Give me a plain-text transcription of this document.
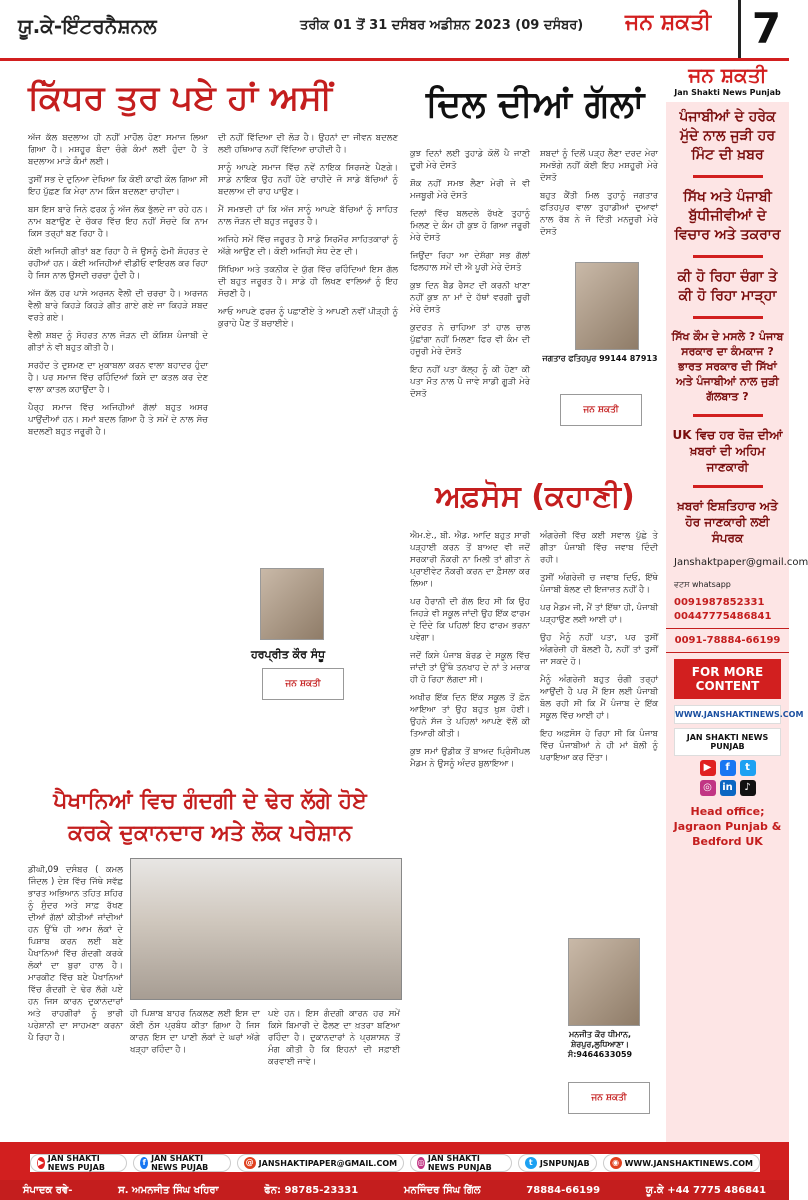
ਯੂ.ਕੇ-ਇੰਟਰਨੈਸ਼ਨਲ	ਤਰੀਕ 01 ਤੋਂ 31 ਦਸੰਬਰ ਅਡੀਸ਼ਨ 2023 (09 ਦਸੰਬਰ) ਜਨ ਸ਼ਕਤੀ 7
ਕਿੱਧਰ ਤੁਰ ਪਏ ਹਾਂ ਅਸੀਂ

ਅੱਜ ਕੱਲ ਬਦਲਾਅ ਹੀ ਨਹੀਂ ਮਾਹੌਲ ਹੋਣਾ ਸਮਾਜ ਲਿਆ ਗਿਆ ਹੈ। ਮਸ਼ਹੂਰ ਬੰਦਾ ਚੰਗੇ ਕੰਮਾਂ ਲਈ ਹੁੰਦਾ ਹੈ ਤੇ ਬਦਲਾਅ ਮਾੜੇ ਕੰਮਾਂ ਲਈ।

ਤੁਸੀਂ ਸਭ ਦੇ ਦੁਨਿਆ ਦੇਖਿਆ ਕਿ ਕੋਈ ਕਾਫੀ ਕੋਲ ਗਿਆ ਸੀ ਇਹ ਪੁੱਛਣ ਕਿ ਮੇਰਾ ਨਾਮ ਕਿੰਜ ਬਦਲਣਾ ਚਾਹੀਦਾ।

ਬਸ ਇਸ ਬਾਰੇ ਜਿਨੇ ਫਰਕ ਨੂੰ ਅੱਜ ਲੋਕ ਭੁੱਲਦੇ ਜਾ ਰਹੇ ਹਨ। ਨਾਮ ਬਣਾਉਣ ਦੇ ਚੱਕਰ ਵਿੱਚ ਇਹ ਨਹੀਂ ਸੋਚਦੇ ਕਿ ਨਾਮ ਕਿਸ ਤਰ੍ਹਾਂ ਬਣ ਰਿਹਾ ਹੈ।

ਕੋਈ ਅਜਿਹੀ ਗੀਤਾਂ ਬਣ ਰਿਹਾ ਹੈ ਜੋ ਉਸਨੂੰ ਫੇਮੀ ਸ਼ੋਹਰਤ ਦੇ ਰਹੀਆਂ ਹਨ। ਕੋਈ ਅਜਿਹੀਆਂ ਵੀਡੀਓ ਵਾਇਰਲ ਕਰ ਰਿਹਾ ਹੈ ਜਿਸ ਨਾਲ ਉਸਦੀ ਚਰਚਾ ਹੁੰਦੀ ਹੈ।

ਅੱਜ ਕੱਲ ਹਰ ਪਾਸੇ ਅਰਜਨ ਵੈਲੀ ਦੀ ਚਰਚਾ ਹੈ। ਅਰਜਨ ਵੈਲੀ ਬਾਰੇ ਕਿਹੜੇ ਕਿਹੜੇ ਗੀਤ ਗਾਏ ਗਏ ਜਾ ਕਿਹੜੇ ਸ਼ਬਦ ਵਰਤੇ ਗਏ।

ਵੈਲੀ ਸ਼ਬਦ ਨੂੰ ਸੋਹਰਤ ਨਾਲ ਜੋੜਨ ਦੀ ਕੋਸ਼ਿਸ਼ ਪੰਜਾਬੀ ਦੇ ਗੀਤਾਂ ਨੇ ਵੀ ਬਹੁਤ ਕੀਤੀ ਹੈ।

ਸਰਹੱਦ ਤੇ ਦੁਸ਼ਮਣ ਦਾ ਮੁਕਾਬਲਾ ਕਰਨ ਵਾਲਾ ਬਹਾਦਰ ਹੁੰਦਾ ਹੈ। ਪਰ ਸਮਾਜ ਵਿੱਚ ਰਹਿੰਦਿਆਂ ਕਿਸੇ ਦਾ ਕਤਲ ਕਰ ਦੇਣ ਵਾਲਾ ਕਾਤਲ ਕਹਾਉਂਦਾ ਹੈ।

ਪੈਰ੍ਹ ਸਮਾਜ ਵਿੱਚ ਅਜਿਹੀਆਂ ਗੱਲਾਂ ਬਹੁਤ ਅਸਰ ਪਾਉਂਦੀਆਂ ਹਨ। ਸਮਾਂ ਬਦਲ ਗਿਆ ਹੈ ਤੇ ਸਮੇਂ ਦੇ ਨਾਲ ਸੋਚ ਬਦਲਣੀ ਬਹੁਤ ਜਰੂਰੀ ਹੈ।

ਦੀ ਨਹੀਂ ਵਿੱਦਿਆ ਦੀ ਲੋੜ ਹੈ। ਉਹਨਾਂ ਦਾ ਜੀਵਨ ਬਦਲਣ ਲਈ ਹਥਿਆਰ ਨਹੀਂ ਵਿੱਦਿਆ ਚਾਹੀਦੀ ਹੈ।

ਸਾਨੂੰ ਆਪਣੇ ਸਮਾਜ ਵਿੱਚ ਨਵੇਂ ਨਾਇਕ ਸਿਰਜਣੇ ਪੈਣਗੇ। ਸਾਡੇ ਨਾਇਕ ਉਹ ਨਹੀਂ ਹੋਣੇ ਚਾਹੀਦੇ ਜੋ ਸਾਡੇ ਬੱਚਿਆਂ ਨੂੰ ਬਦਲਾਅ ਦੀ ਰਾਹ ਪਾਉਣ।

ਮੈਂ ਸਮਝਦੀ ਹਾਂ ਕਿ ਅੱਜ ਸਾਨੂੰ ਆਪਣੇ ਬੱਚਿਆਂ ਨੂੰ ਸਾਹਿਤ ਨਾਲ ਜੋੜਨ ਦੀ ਬਹੁਤ ਜਰੂਰਤ ਹੈ।

ਅਜਿਹੇ ਸਮੇਂ ਵਿੱਚ ਜਰੂਰਤ ਹੈ ਸਾਡੇ ਸਿਰਮੌਰ ਸਾਹਿਤਕਾਰਾਂ ਨੂੰ ਅੱਗੇ ਆਉਣ ਦੀ। ਕੋਈ ਅਜਿਹੀ ਸੇਧ ਦੇਣ ਦੀ।

ਸਿੱਖਿਆ ਅਤੇ ਤਕਨੀਕ ਦੇ ਯੁੱਗ ਵਿੱਚ ਰਹਿੰਦਿਆਂ ਇਸ ਗੱਲ ਦੀ ਬਹੁਤ ਜਰੂਰਤ ਹੈ। ਸਾਡੇ ਹੀ ਲਿਖਣ ਵਾਲਿਆਂ ਨੂੰ ਇਹ ਸੋਚਣੀ ਹੈ।

ਆਓ ਆਪਣੇ ਫਰਜ਼ ਨੂੰ ਪਛਾਣੀਏ ਤੇ ਆਪਣੀ ਨਵੀਂ ਪੀੜ੍ਹੀ ਨੂੰ ਕੁਰਾਹੇ ਪੈਣ ਤੋਂ ਬਚਾਈਏ।

ਹਰਪ੍ਰੀਤ ਕੌਰ ਸੰਧੂ
ਜਨ ਸ਼ਕਤੀ
ਦਿਲ ਦੀਆਂ ਗੱਲਾਂ

ਕੁਝ ਦਿਨਾਂ ਲਈ ਤੁਹਾਡੇ ਕੋਲੋਂ ਪੈ ਜਾਣੀ ਦੂਰੀ ਮੇਰੇ ਦੋਸਤੋ

ਸ਼ੌਕ ਨਹੀਂ ਸਮਝ ਲੈਣਾ ਮੇਰੀ ਜੇ ਵੀ ਮਜਬੂਰੀ ਮੇਰੇ ਦੋਸਤੋ

ਦਿਲਾਂ ਵਿੱਚ ਬਲਦਲੇ ਰੱਖਣੇ ਤੁਹਾਨੂੰ ਮਿਲਣ ਦੇ ਕੰਮ ਹੀ ਕੁਝ ਹੋ ਗਿਆ ਜਰੂਰੀ ਮੇਰੇ ਦੋਸਤੋ

ਜਿਉਂਦਾ ਰਿਹਾ ਆ ਦੇਸ਼ੱਗਾ ਸਭ ਗੱਲਾਂ ਫਿਲਹਾਲ ਸਮੇਂ ਦੀ ਐ ਪੂਰੀ ਮੇਰੇ ਦੋਸਤੋ

ਕੁਝ ਦਿਨ ਬੈਡ ਰੈਸਟ ਦੀ ਕਰਨੀ ਖਾਣਾ ਨਹੀਂ ਕੁਝ ਨਾ ਮਾਂ ਦੇ ਹੱਥਾਂ ਵਰਗੀ ਚੂਰੀ ਮੇਰੇ ਦੋਸਤੋ

ਕੁਦਰਤ ਨੇ ਚਾਹਿਆ ਤਾਂ ਹਾਲ ਚਾਲ ਪੁੱਛਾਂਗਾ ਨਹੀਂ ਮਿਲਣਾ ਫਿਰ ਵੀ ਕੰਮ ਦੀ ਹਜ਼ੂਰੀ ਮੇਰੇ ਦੋਸਤੋ

ਇਹ ਨਹੀਂ ਪਤਾ ਕੱਲ੍ਹ ਨੂੰ ਕੀ ਹੋਣਾ ਕੀ ਪਤਾ ਮੌਤ ਨਾਲ ਪੈ ਜਾਵੇ ਸਾਡੀ ਗੂੜੀ ਮੇਰੇ ਦੋਸਤੋ

ਸ਼ਬਦਾਂ ਨੂੰ ਦਿਲੋਂ ਪੜ੍ਹ ਲੈਣਾ ਦਰਦ ਮੇਰਾ ਸਮਝੋਗੇ ਨਹੀਂ ਕੋਈ ਇਹ ਮਸ਼ਹੂਰੀ ਮੇਰੇ ਦੋਸਤੋ

ਬਹੁਤ ਕੈਂਤੀ ਮਿਲ ਤੁਹਾਨੂੰ ਜਗਤਾਰ ਫਤਿਹਪੁਰ ਵਾਲਾ ਤੁਹਾਡੀਆਂ ਦੁਆਵਾਂ ਨਾਲ ਰੱਬ ਨੇ ਜੋ ਦਿੱਤੀ ਮਨਜ਼ੂਰੀ ਮੇਰੇ ਦੋਸਤੋ

ਜਗਤਾਰ ਫਤਿਹਪੁਰ 99144 87913
ਜਨ ਸ਼ਕਤੀ
ਅਫ਼ਸੋਸ (ਕਹਾਣੀ)

ਐਮ.ਏ., ਬੀ. ਐਡ. ਆਦਿ ਬਹੁਤ ਸਾਰੀ ਪੜ੍ਹਾਈ ਕਰਨ ਤੋਂ ਬਾਅਦ ਵੀ ਜਦੋਂ ਸਰਕਾਰੀ ਨੌਕਰੀ ਨਾ ਮਿਲੀ ਤਾਂ ਗੀਤਾ ਨੇ ਪ੍ਰਾਈਵੇਟ ਨੌਕਰੀ ਕਰਨ ਦਾ ਫ਼ੈਸਲਾ ਕਰ ਲਿਆ।

ਪਰ ਹੈਰਾਨੀ ਦੀ ਗੱਲ ਇਹ ਸੀ ਕਿ ਉਹ ਜਿਹੜੇ ਵੀ ਸਕੂਲ ਜਾਂਦੀ ਉਹ ਇੱਕ ਫਾਰਮ ਦੇ ਦਿੰਦੇ ਕਿ ਪਹਿਲਾਂ ਇਹ ਫਾਰਮ ਭਰਨਾ ਪਵੇਗਾ।

ਜਦੋਂ ਕਿਸੇ ਪੰਜਾਬ ਬੋਰਡ ਦੇ ਸਕੂਲ ਵਿੱਚ ਜਾਂਦੀ ਤਾਂ ਉੱਥੇ ਤਨਖਾਹ ਦੇ ਨਾਂ ਤੇ ਮਜ਼ਾਕ ਹੀ ਹੋ ਰਿਹਾ ਲੱਗਦਾ ਸੀ।

ਅਖੀਰ ਇੱਕ ਦਿਨ ਇੱਕ ਸਕੂਲ ਤੋਂ ਫ਼ੋਨ ਆਇਆ ਤਾਂ ਉਹ ਬਹੁਤ ਖੁਸ਼ ਹੋਈ। ਉਹਨੇ ਸੱਜ ਤੇ ਪਹਿਲਾਂ ਆਪਣੇ ਵੱਲੋਂ ਕੀ ਤਿਆਰੀ ਕੀਤੀ।

ਕੁਝ ਸਮਾਂ ਉਡੀਕ ਤੋਂ ਬਾਅਦ ਪ੍ਰਿੰਸੀਪਲ ਮੈਡਮ ਨੇ ਉਸਨੂੰ ਅੰਦਰ ਬੁਲਾਇਆ।

ਅੰਗਰੇਜ਼ੀ ਵਿੱਚ ਕਈ ਸਵਾਲ ਪੁੱਛੇ ਤੇ ਗੀਤਾ ਪੰਜਾਬੀ ਵਿੱਚ ਜਵਾਬ ਦਿੰਦੀ ਰਹੀ।

ਤੁਸੀਂ ਅੰਗਰੇਜ਼ੀ ਚ ਜਵਾਬ ਦਿਓ, ਇੱਥੇ ਪੰਜਾਬੀ ਬੋਲਣ ਦੀ ਇਜਾਜ਼ਤ ਨਹੀਂ ਹੈ।

ਪਰ ਮੈਡਮ ਜੀ, ਮੈਂ ਤਾਂ ਇੱਥਾ ਹੀ, ਪੰਜਾਬੀ ਪੜ੍ਹਾਉਣ ਲਈ ਆਈ ਹਾਂ।

ਉਹ ਮੈਨੂੰ ਨਹੀਂ ਪਤਾ, ਪਰ ਤੁਸੀਂ ਅੰਗਰੇਜ਼ੀ ਹੀ ਬੋਲਣੀ ਹੈ, ਨਹੀਂ ਤਾਂ ਤੁਸੀਂ ਜਾ ਸਕਦੇ ਹੋ।

ਮੈਨੂੰ ਅੰਗਰੇਜ਼ੀ ਬਹੁਤ ਚੰਗੀ ਤਰ੍ਹਾਂ ਆਉਂਦੀ ਹੈ ਪਰ ਮੈਂ ਇਸ ਲਈ ਪੰਜਾਬੀ ਬੋਲ ਰਹੀ ਸੀ ਕਿ ਮੈਂ ਪੰਜਾਬ ਦੇ ਇੱਕ ਸਕੂਲ ਵਿੱਚ ਆਈ ਹਾਂ।

ਇਹ ਅਫ਼ਸੋਸ ਹੋ ਰਿਹਾ ਸੀ ਕਿ ਪੰਜਾਬ ਵਿੱਚ ਪੰਜਾਬੀਆਂ ਨੇ ਹੀ ਮਾਂ ਬੋਲੀ ਨੂੰ ਪਰਾਇਆ ਕਰ ਦਿੱਤਾ।

ਮਨਜੀਤ ਕੌਰ ਧੀਮਾਨ, ਸ਼ੇਰਪੁਰ,ਲੁਧਿਆਣਾ। ਸੰ:9464633059
ਜਨ ਸ਼ਕਤੀ
ਪੈਖਾਨਿਆਂ ਵਿਚ ਗੰਦਗੀ ਦੇ ਢੇਰ ਲੱਗੇ ਹੋਏ
ਕਰਕੇ ਦੁਕਾਨਦਾਰ ਅਤੇ ਲੋਕ ਪਰੇਸ਼ਾਨ
ਡੀਘੀ,09 ਦਸੰਬਰ ( ਕਮਲ ਜਿੰਦਲ ) ਦੇਸ਼ ਵਿੱਚ ਜਿੱਥੇ ਸਵੱਛ ਭਾਰਤ ਅਭਿਆਨ ਤਹਿਤ ਸ਼ਹਿਰ ਨੂੰ ਸੁੰਦਰ ਅਤੇ ਸਾਫ਼ ਰੱਖਣ ਦੀਆਂ ਗੱਲਾਂ ਕੀਤੀਆਂ ਜਾਂਦੀਆਂ ਹਨ ਉੱਥੇ ਹੀ ਆਮ ਲੋਕਾਂ ਦੇ ਪਿਸ਼ਾਬ ਕਰਨ ਲਈ ਬਣੇ ਪੈਖਾਨਿਆਂ ਵਿੱਚ ਗੰਦਗੀ ਕਰਕੇ ਲੋਕਾਂ ਦਾ ਬੁਰਾ ਹਾਲ ਹੈ। ਮਾਰਕੀਟ ਵਿੱਚ ਬਣੇ ਪੈਖਾਨਿਆਂ ਵਿੱਚ ਗੰਦਗੀ ਦੇ ਢੇਰ ਲੱਗੇ ਪਏ ਹਨ ਜਿਸ ਕਾਰਨ ਦੁਕਾਨਦਾਰਾਂ ਅਤੇ ਰਾਹਗੀਰਾਂ ਨੂੰ ਭਾਰੀ ਪਰੇਸ਼ਾਨੀ ਦਾ ਸਾਹਮਣਾ ਕਰਨਾ ਪੈ ਰਿਹਾ ਹੈ।
ਹੀ ਪਿਸ਼ਾਬ ਬਾਹਰ ਨਿਕਲਣ ਲਈ ਇਸ ਦਾ ਕੋਈ ਠੋਸ ਪ੍ਰਬੰਧ ਕੀਤਾ ਗਿਆ ਹੈ ਜਿਸ ਕਾਰਨ ਇਸ ਦਾ ਪਾਣੀ ਲੋਕਾਂ ਦੇ ਘਰਾਂ ਅੱਗੇ ਖੜ੍ਹਾ ਰਹਿੰਦਾ ਹੈ।
ਪਏ ਹਨ। ਇਸ ਗੰਦਗੀ ਕਾਰਨ ਹਰ ਸਮੇਂ ਕਿਸੇ ਬਿਮਾਰੀ ਦੇ ਫੈਲਣ ਦਾ ਖ਼ਤਰਾ ਬਣਿਆ ਰਹਿੰਦਾ ਹੈ। ਦੁਕਾਨਦਾਰਾਂ ਨੇ ਪ੍ਰਸ਼ਾਸਨ ਤੋਂ ਮੰਗ ਕੀਤੀ ਹੈ ਕਿ ਇਹਨਾਂ ਦੀ ਸਫ਼ਾਈ ਕਰਵਾਈ ਜਾਵੇ।
ਜਨ ਸ਼ਕਤੀ
Jan Shakti News Punjab
ਪੰਜਾਬੀਆਂ ਦੇ ਹਰੇਕ ਮੁੱਦੇ ਨਾਲ ਜੁੜੀ ਹਰ ਮਿੰਟ ਦੀ ਖ਼ਬਰ
ਸਿੱਖ ਅਤੇ ਪੰਜਾਬੀ ਬੁੱਧੀਜੀਵੀਆਂ ਦੇ ਵਿਚਾਰ ਅਤੇ ਤਕਰਾਰ
ਕੀ ਹੋ ਰਿਹਾ ਚੰਗਾ ਤੇ ਕੀ ਹੋ ਰਿਹਾ ਮਾੜ੍ਹਾ
ਸਿੱਖ ਕੌਮ ਦੇ ਮਸਲੇ ? ਪੰਜਾਬ ਸਰਕਾਰ ਦਾ ਕੰਮਕਾਜ ? ਭਾਰਤ ਸਰਕਾਰ ਦੀ ਸਿੱਖਾਂ ਅਤੇ ਪੰਜਾਬੀਆਂ ਨਾਲ ਜੁੜੀ ਗੱਲਬਾਤ ?
UK ਵਿਚ ਹਰ ਰੋਜ਼ ਦੀਆਂ ਖ਼ਬਰਾਂ ਦੀ ਅਹਿਮ ਜਾਣਕਾਰੀ
ਖ਼ਬਰਾਂ ਇਸ਼ਤਿਹਾਰ ਅਤੇ ਹੋਰ ਜਾਣਕਾਰੀ ਲਈ ਸੰਪਰਕ
Janshaktpaper@gmail.com
ਵਟਸ whatsapp
0091987852331
00447775486841
0091-78884-66199
FOR MORE CONTENT
WWW.JANSHAKTINEWS.COM
JAN SHAKTI NEWS PUNJAB
▶	f	t
◎	in	♪
Head office; Jagraon Punjab & Bedford UK
▶ JAN SHAKTI NEWS PUJAB
f JAN SHAKTI NEWS PUJAB
@ JANSHAKTIPAPER@GMAIL.COM	◎ JAN SHAKTI NEWS PUNJAB
t JSNPUNJAB	◉ WWW.JANSHAKTINEWS.COM
ਸੰਪਾਦਕ ਰਵੇ-	ਸ. ਅਮਨਜੀਤ ਸਿੰਘ ਖਹਿਰਾ	ਫੋਨ: 98785-23331	ਮਨਜਿੰਦਰ ਸਿੰਘ ਗਿੱਲ	78884-66199	ਯੂ.ਕੇ +44 7775 486841
